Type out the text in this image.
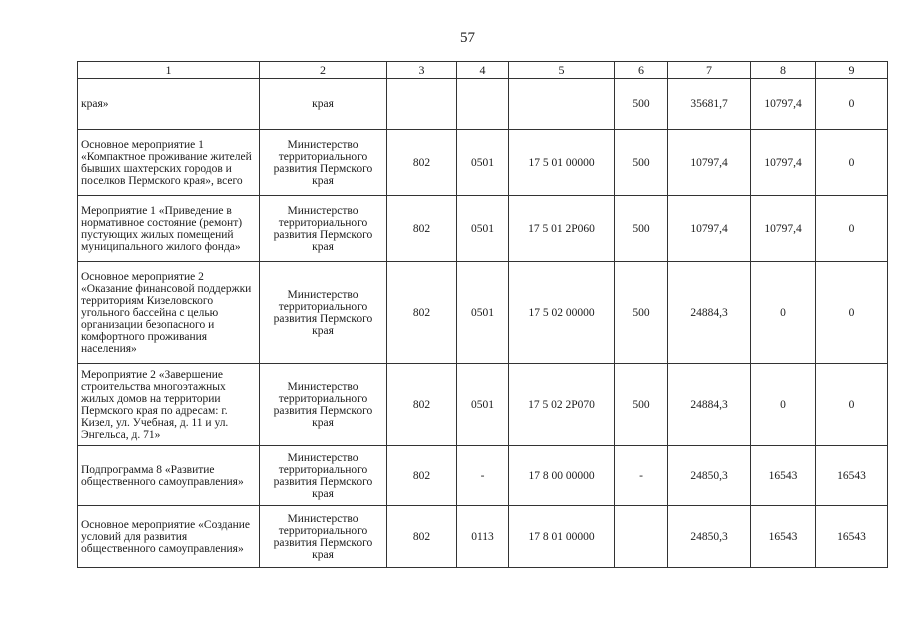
57
1	2	3	4	5	6	7	8	9
края»	края				500	35681,7	10797,4	0
Основное мероприятие 1 «Компактное проживание жителей бывших шахтерских городов и поселков Пермского края», всего	Министерство территориального развития Пермского края	802	0501	17 5 01 00000	500	10797,4	10797,4	0
Мероприятие 1 «Приведение в нормативное состояние (ремонт) пустующих жилых помещений муниципального жилого фонда»	Министерство территориального развития Пермского края	802	0501	17 5 01 2Р060	500	10797,4	10797,4	0
Основное мероприятие 2 «Оказание финансовой поддержки территориям Кизеловского угольного бассейна с целью организации безопасного и комфортного проживания населения»	Министерство территориального развития Пермского края	802	0501	17 5 02 00000	500	24884,3	0	0
Мероприятие 2 «Завершение строительства многоэтажных жилых домов на территории Пермского края по адресам: г. Кизел, ул. Учебная, д. 11 и ул. Энгельса, д. 71»	Министерство территориального развития Пермского края	802	0501	17 5 02 2Р070	500	24884,3	0	0
Подпрограмма 8 «Развитие общественного самоуправления»	Министерство территориального развития Пермского края	802	-	17 8 00 00000	-	24850,3	16543	16543
Основное мероприятие «Создание условий для развития общественного самоуправления»	Министерство территориального развития Пермского края	802	0113	17 8 01 00000		24850,3	16543	16543
